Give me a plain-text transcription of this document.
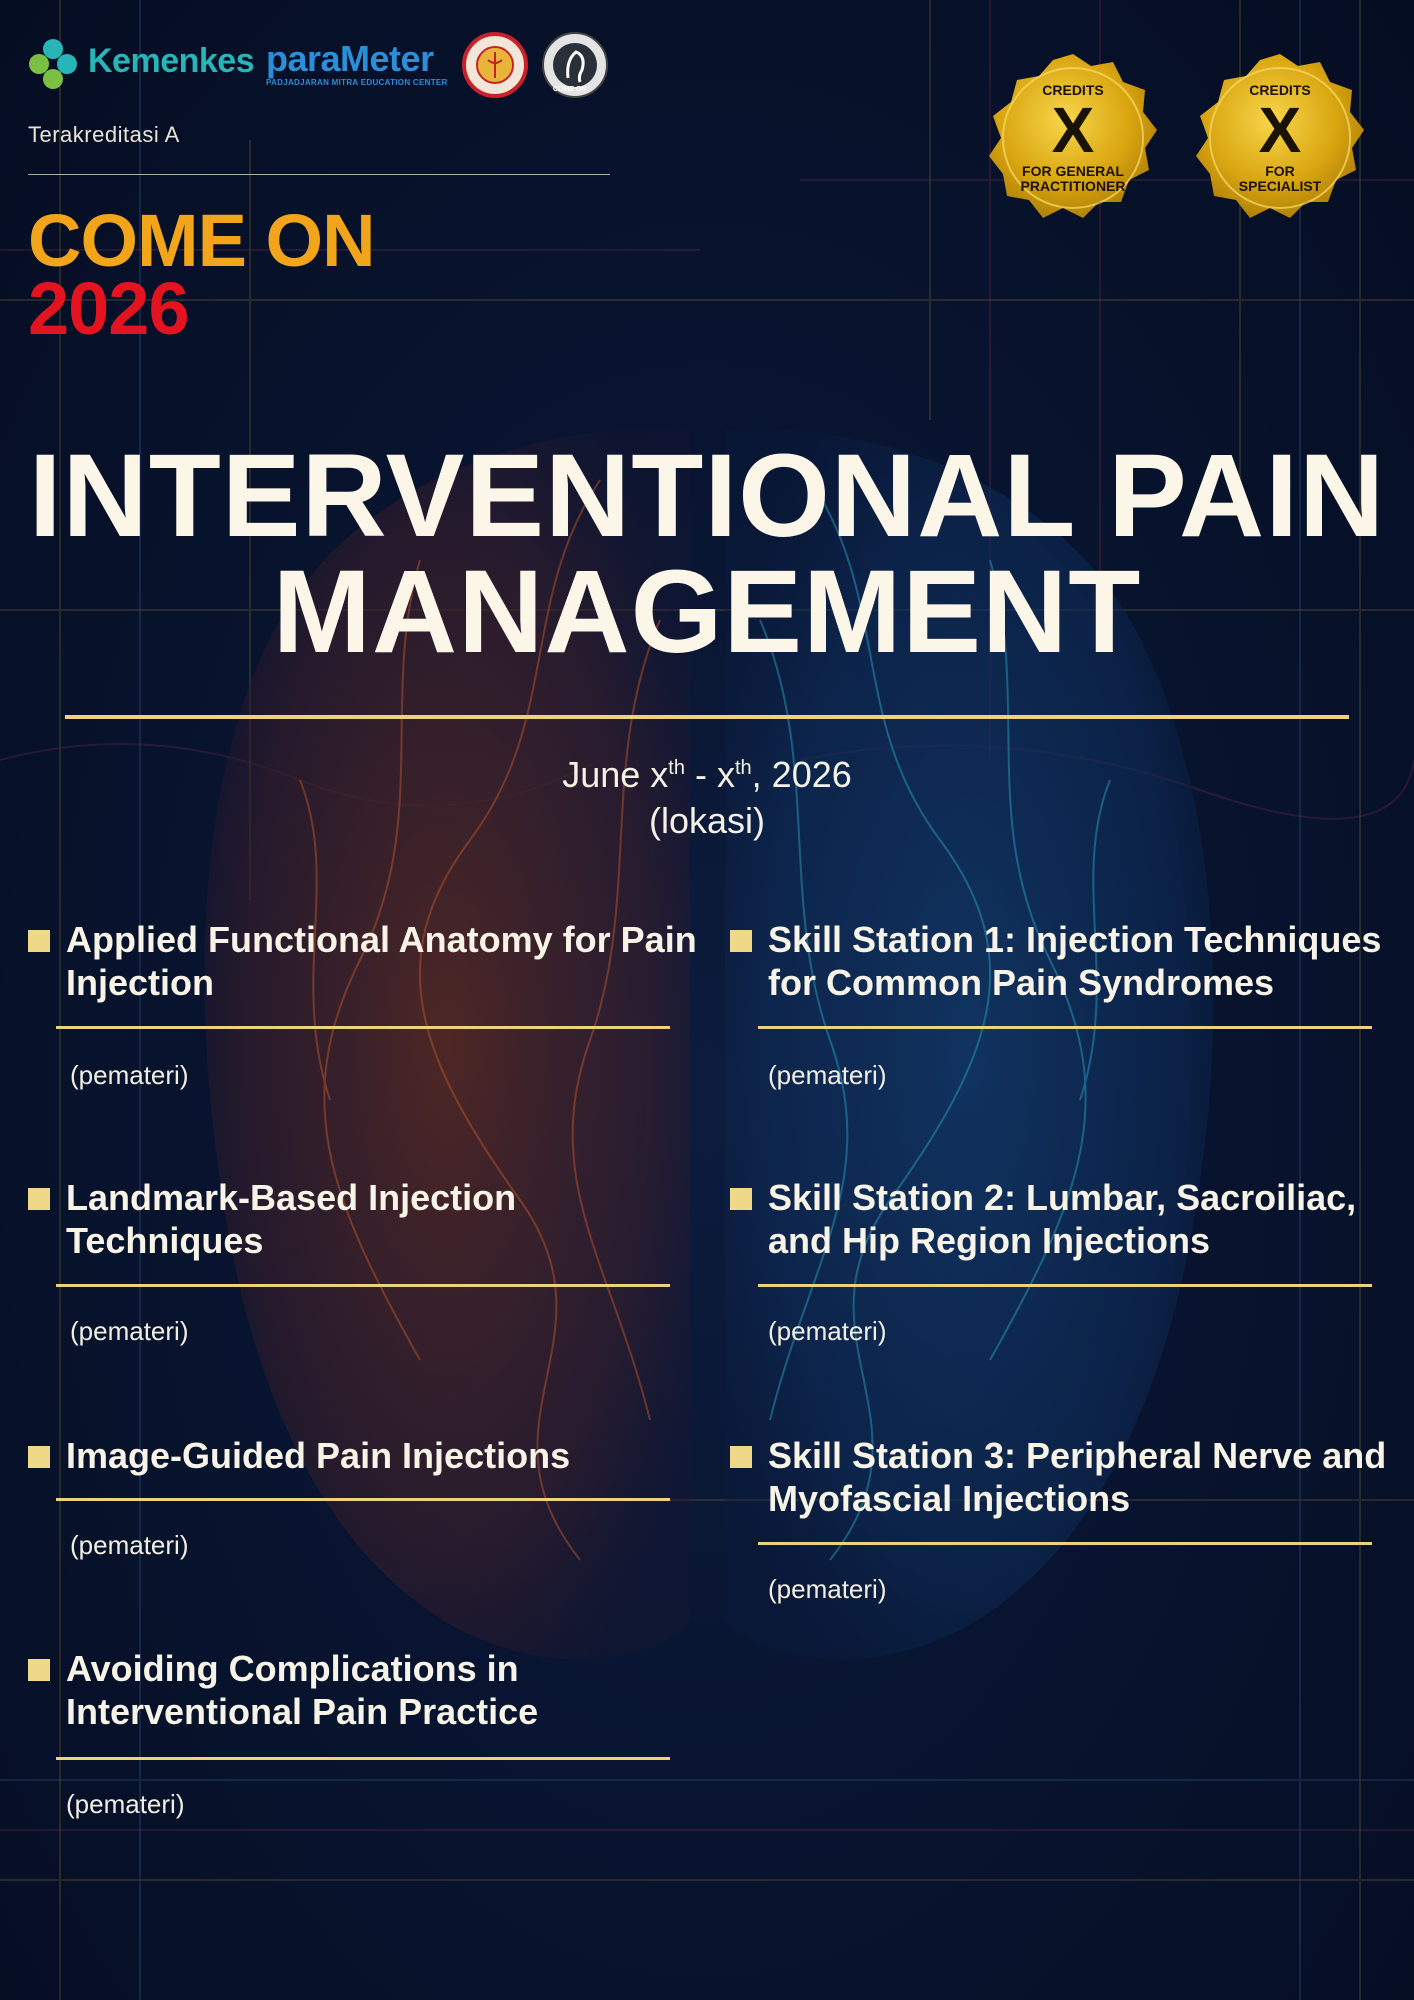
Kemenkes paraMeter
PADJADJARAN MITRA EDUCATION CENTER
COME ON
Terakreditasi A
COME ON
2026
CREDITS
X
FOR GENERAL
PRACTITIONER
CREDITS
X
FOR
SPECIALIST
INTERVENTIONAL PAIN
MANAGEMENT
June $x^{th} - x^{th}$, 2026
(lokasi)
Applied Functional Anatomy for Pain
Injection
(pemateri)
Landmark-Based Injection
Techniques
(pemateri)
Image-Guided Pain Injections
(pemateri)
Avoiding Complications in
Interventional Pain Practice
(pemateri)
Skill Station 1: Injection Techniques
for Common Pain Syndromes
(pemateri)
Skill Station 2: Lumbar, Sacroiliac,
and Hip Region Injections
(pemateri)
Skill Station 3: Peripheral Nerve and
Myofascial Injections
(pemateri)
